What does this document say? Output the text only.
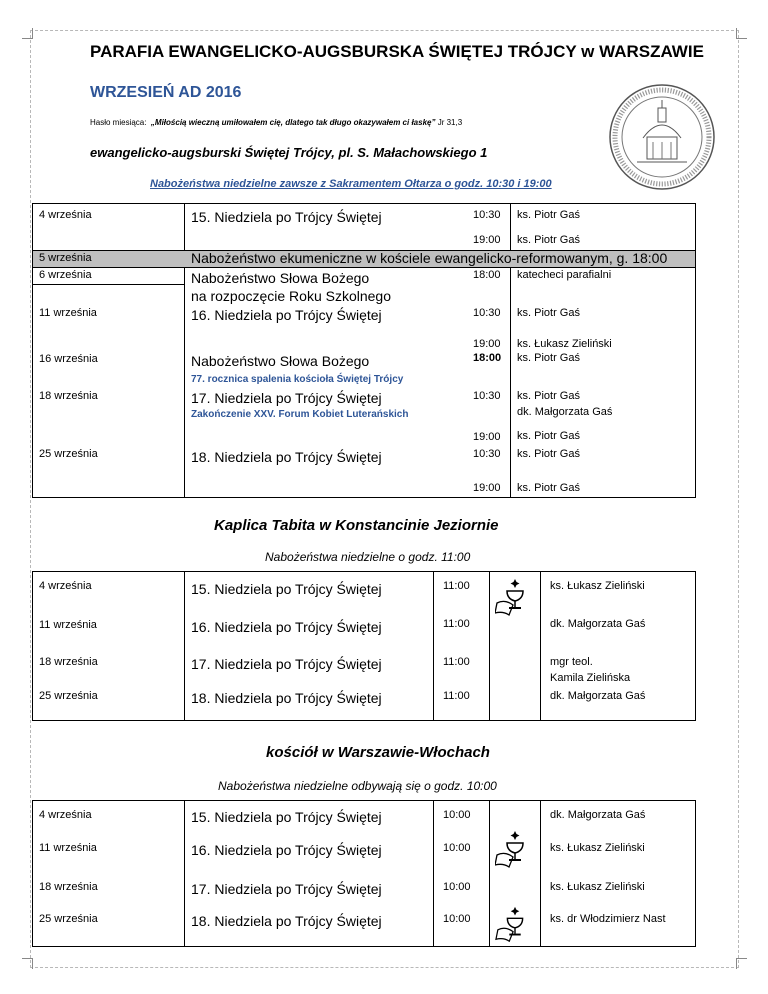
PARAFIA EWANGELICKO-AUGSBURSKA ŚWIĘTEJ TRÓJCY w WARSZAWIE
WRZESIEŃ AD 2016
Hasło miesiąca: „Miłością wieczną umiłowałem cię, dlatego tak długo okazywałem ci łaskę” Jr 31,3
ewangelicko-augsburski Świętej Trójcy, pl. S. Małachowskiego 1
Nabożeństwa niedzielne zawsze z Sakramentem Ołtarza o godz. 10:30 i 19:00
4 września	15. Niedziela po Trójcy Świętej	10:30 ks. Piotr Gaś
19:00 ks. Piotr Gaś
5 września	Nabożeństwo ekumeniczne w kościele ewangelicko-reformowanym, g. 18:00
6 września	Nabożeństwo Słowa Bożego
na rozpoczęcie Roku Szkolnego
18:00 katecheci parafialni
11 września	16. Niedziela po Trójcy Świętej	10:30 ks. Piotr Gaś
19:00 ks. Łukasz Zieliński
16 września	Nabożeństwo Słowa Bożego
77. rocznica spalenia kościoła Świętej Trójcy
18:00 ks. Piotr Gaś
18 września	17. Niedziela po Trójcy Świętej
Zakończenie XXV. Forum Kobiet Luterańskich
10:30 ks. Piotr Gaś
dk. Małgorzata Gaś
19:00 ks. Piotr Gaś
25 września	18. Niedziela po Trójcy Świętej	10:30 ks. Piotr Gaś
19:00 ks. Piotr Gaś
Kaplica Tabita w Konstancinie Jeziornie
Nabożeństwa niedzielne o godz. 11:00
4 września	15. Niedziela po Trójcy Świętej	11:00	ks. Łukasz Zieliński
11 września	16. Niedziela po Trójcy Świętej	11:00	dk. Małgorzata Gaś
18 września	17. Niedziela po Trójcy Świętej	11:00	mgr teol.
Kamila Zielińska
25 września	18. Niedziela po Trójcy Świętej	11:00	dk. Małgorzata Gaś
kościół w Warszawie-Włochach
Nabożeństwa niedzielne odbywają się o godz. 10:00
4 września	15. Niedziela po Trójcy Świętej	10:00	dk. Małgorzata Gaś
11 września	16. Niedziela po Trójcy Świętej	10:00	ks. Łukasz Zieliński
18 września	17. Niedziela po Trójcy Świętej	10:00	ks. Łukasz Zieliński
25 września	18. Niedziela po Trójcy Świętej	10:00	ks. dr Włodzimierz Nast
